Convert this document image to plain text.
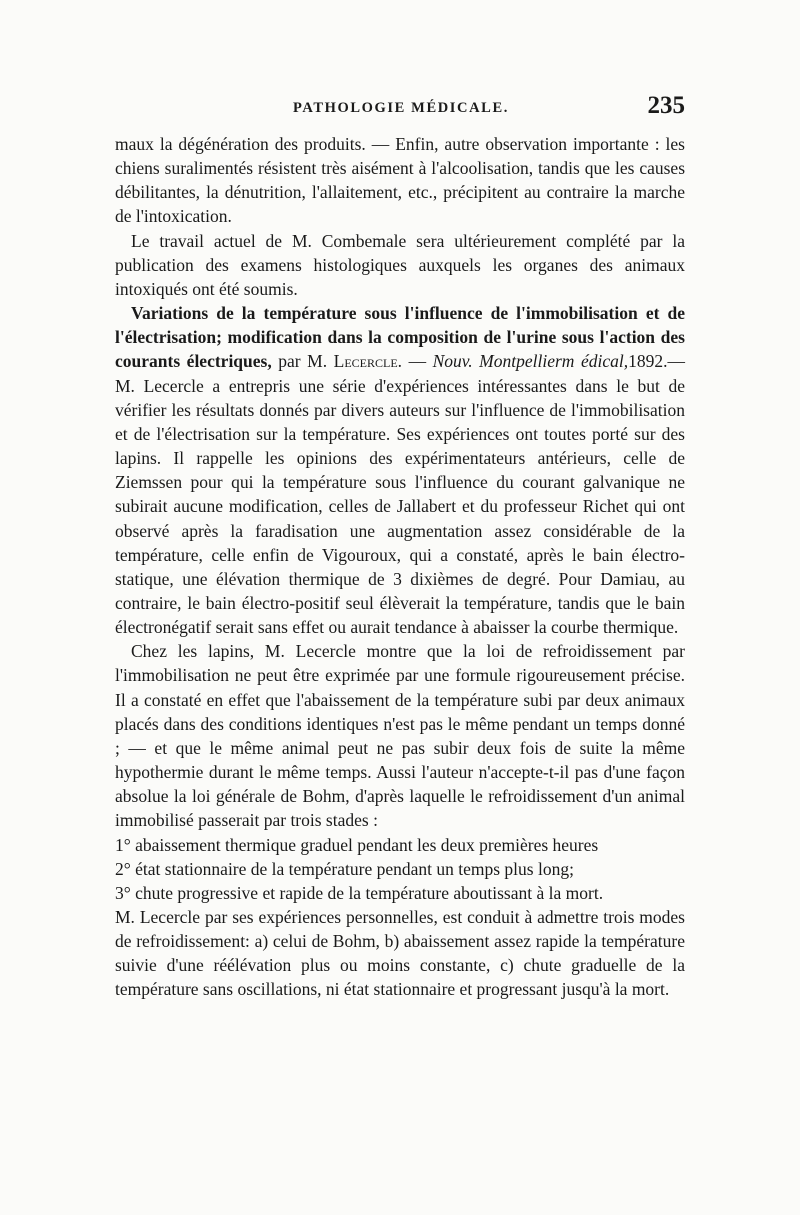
PATHOLOGIE MÉDICALE.	235

maux la dégénération des produits. — Enfin, autre observation importante : les chiens suralimentés résistent très aisément à l'alcoolisation, tandis que les causes débilitantes, la dénutrition, l'allaitement, etc., précipitent au contraire la marche de l'intoxication.

Le travail actuel de M. Combemale sera ultérieurement complété par la publication des examens histologiques auxquels les organes des animaux intoxiqués ont été soumis.

Variations de la température sous l'influence de l'immobilisation et de l'électrisation; modification dans la composition de l'urine sous l'action des courants électriques, par M. Lecercle. — Nouv. Montpellierm édical,1892.— M. Lecercle a entrepris une série d'expériences intéressantes dans le but de vérifier les résultats donnés par divers auteurs sur l'influence de l'immobilisation et de l'électrisation sur la température. Ses expériences ont toutes porté sur des lapins. Il rappelle les opinions des expérimentateurs antérieurs, celle de Ziemssen pour qui la température sous l'influence du courant galvanique ne subirait aucune modification, celles de Jallabert et du professeur Richet qui ont observé après la faradisation une augmentation assez considérable de la température, celle enfin de Vigouroux, qui a constaté, après le bain électro-statique, une élévation thermique de 3 dixièmes de degré. Pour Damiau, au contraire, le bain électro-positif seul élèverait la température, tandis que le bain électronégatif serait sans effet ou aurait tendance à abaisser la courbe thermique.

Chez les lapins, M. Lecercle montre que la loi de refroidissement par l'immobilisation ne peut être exprimée par une formule rigoureusement précise. Il a constaté en effet que l'abaissement de la température subi par deux animaux placés dans des conditions identiques n'est pas le même pendant un temps donné ; — et que le même animal peut ne pas subir deux fois de suite la même hypothermie durant le même temps. Aussi l'auteur n'accepte-t-il pas d'une façon absolue la loi générale de Bohm, d'après laquelle le refroidissement d'un animal immobilisé passerait par trois stades :

1° abaissement thermique graduel pendant les deux premières heures

2° état stationnaire de la température pendant un temps plus long;

3° chute progressive et rapide de la température aboutissant à la mort.

M. Lecercle par ses expériences personnelles, est conduit à admettre trois modes de refroidissement: a) celui de Bohm, b) abaissement assez rapide la température suivie d'une réélévation plus ou moins constante, c) chute graduelle de la température sans oscillations, ni état stationnaire et progressant jusqu'à la mort.
